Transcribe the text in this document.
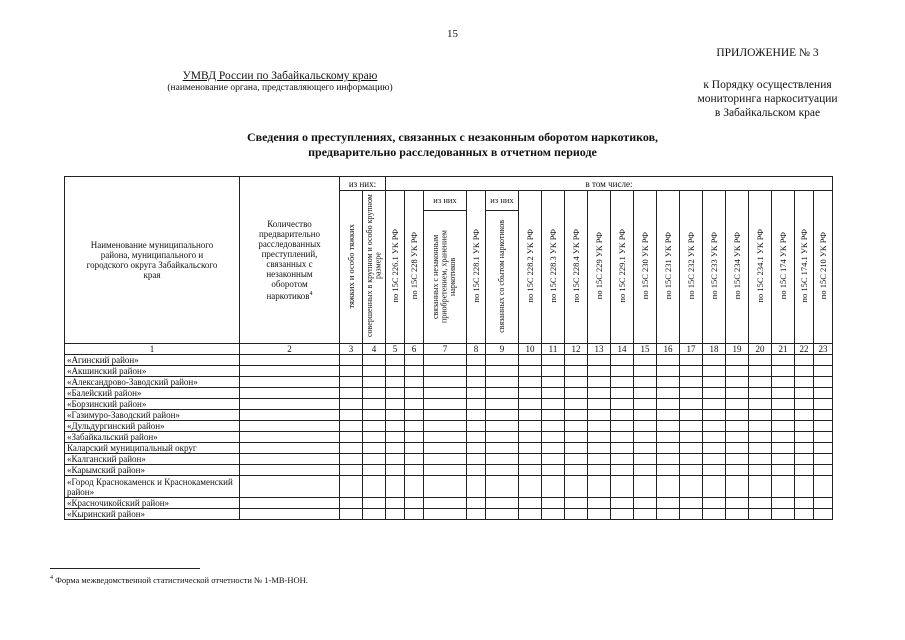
15
ПРИЛОЖЕНИЕ № 3
к Порядку осуществления
мониторинга наркоситуации
в Забайкальском крае
УМВД России по Забайкальскому краю
(наименование органа, представляющего информацию)
Сведения о преступлениях, связанных с незаконным оборотом наркотиков,
предварительно расследованных в отчетном периоде
Наименование муниципального района, муниципального и городского округа Забайкальского края	Количество предварительно расследованных преступлений, связанных с незаконным оборотом наркотиков$^4$	из них:		в том числе:																		
		тяжких и особо тяжких	совершенных в крупном и особо крупном размере	по 15С 226.1 УК РФ	по 15С 228 УК РФ	из них	по 15С 228.1 УК РФ	из них	по 15С 228.2 УК РФ	по 15С 228.3 УК РФ	по 15С 228.4 УК РФ	по 15С 229 УК РФ	по 15С 229.1 УК РФ	по 15С 230 УК РФ	по 15С 231 УК РФ	по 15С 232 УК РФ	по 15С 233 УК РФ	по 15С 234 УК РФ	по 15С 234.1 УК РФ	по 15С 174 УК РФ	по 15С 174.1 УК РФ	по 15С 210 УК РФ
						связанных с незаконным приобретением, хранением наркотиков		связанных со сбытом наркотиков														
1	2	3	4	5	6	7	8	9	10	11	12	13	14	15	16	17	18	19	20	21	22	23
«Агинский район»																						
«Акшинский район»																						
«Александрово-Заводский район»																						
«Балейский район»																						
«Борзинский район»																						
«Газимуро-Заводский район»																						
«Дульдургинский район»																						
«Забайкальский район»																						
Каларский муниципальный округ																						
«Калганский район»																						
«Карымский район»																						
«Город Краснокаменск и Краснокаменский район»																						
«Красночикойский район»																						
«Кыринский район»																						
$^4$ Форма межведомственной статистической отчетности № 1-МВ-НОН.
